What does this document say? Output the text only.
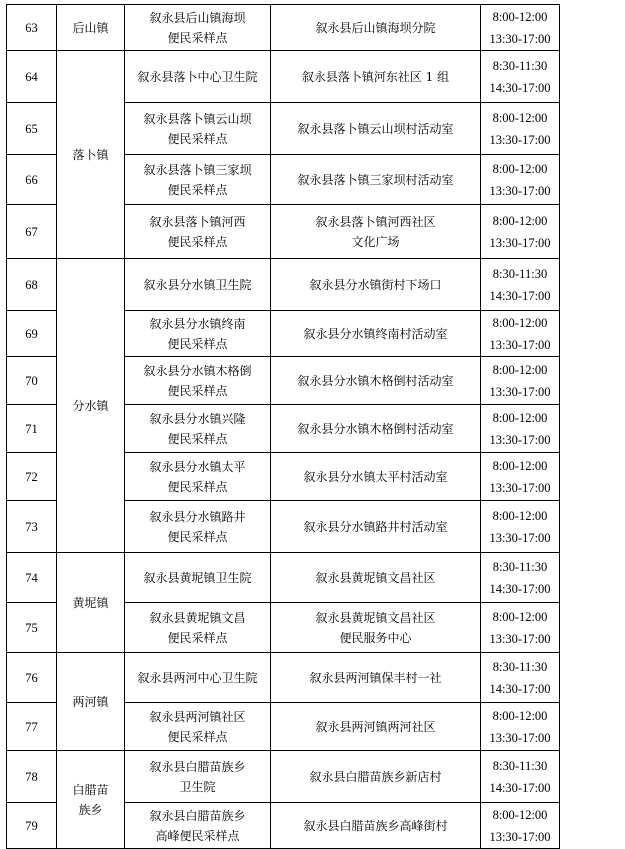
63	后山镇	叙永县后山镇海坝
便民采样点	叙永县后山镇海坝分院	8:00-12:00
13:30-17:00

64	落卜镇	叙永县落卜中心卫生院	叙永县落卜镇河东社区 1 组	8:30-11:30
14:30-17:00

65		叙永县落卜镇云山坝
便民采样点	叙永县落卜镇云山坝村活动室	8:00-12:00
13:30-17:00

66		叙永县落卜镇三家坝
便民采样点	叙永县落卜镇三家坝村活动室	8:00-12:00
13:30-17:00

67		叙永县落卜镇河西
便民采样点	叙永县落卜镇河西社区
文化广场	8:00-12:00
13:30-17:00

68	分水镇	叙永县分水镇卫生院	叙永县分水镇街村下场口	8:30-11:30
14:30-17:00

69		叙永县分水镇终南
便民采样点	叙永县分水镇终南村活动室	8:00-12:00
13:30-17:00

70		叙永县分水镇木格倒
便民采样点	叙永县分水镇木格倒村活动室	8:00-12:00
13:30-17:00

71		叙永县分水镇兴隆
便民采样点	叙永县分水镇木格倒村活动室	8:00-12:00
13:30-17:00

72		叙永县分水镇太平
便民采样点	叙永县分水镇太平村活动室	8:00-12:00
13:30-17:00

73		叙永县分水镇路井
便民采样点	叙永县分水镇路井村活动室	8:00-12:00
13:30-17:00

74	黄坭镇	叙永县黄坭镇卫生院	叙永县黄坭镇文昌社区	8:30-11:30
14:30-17:00

75		叙永县黄坭镇文昌
便民采样点	叙永县黄坭镇文昌社区
便民服务中心	8:00-12:00
13:30-17:00

76	两河镇	叙永县两河中心卫生院	叙永县两河镇保丰村一社	8:30-11:30
14:30-17:00

77		叙永县两河镇社区
便民采样点	叙永县两河镇两河社区	8:00-12:00
13:30-17:00

78	白腊苗
族乡	叙永县白腊苗族乡
卫生院	叙永县白腊苗族乡新店村	8:30-11:30
14:30-17:00

79		叙永县白腊苗族乡
高峰便民采样点	叙永县白腊苗族乡高峰街村	8:00-12:00
13:30-17:00
